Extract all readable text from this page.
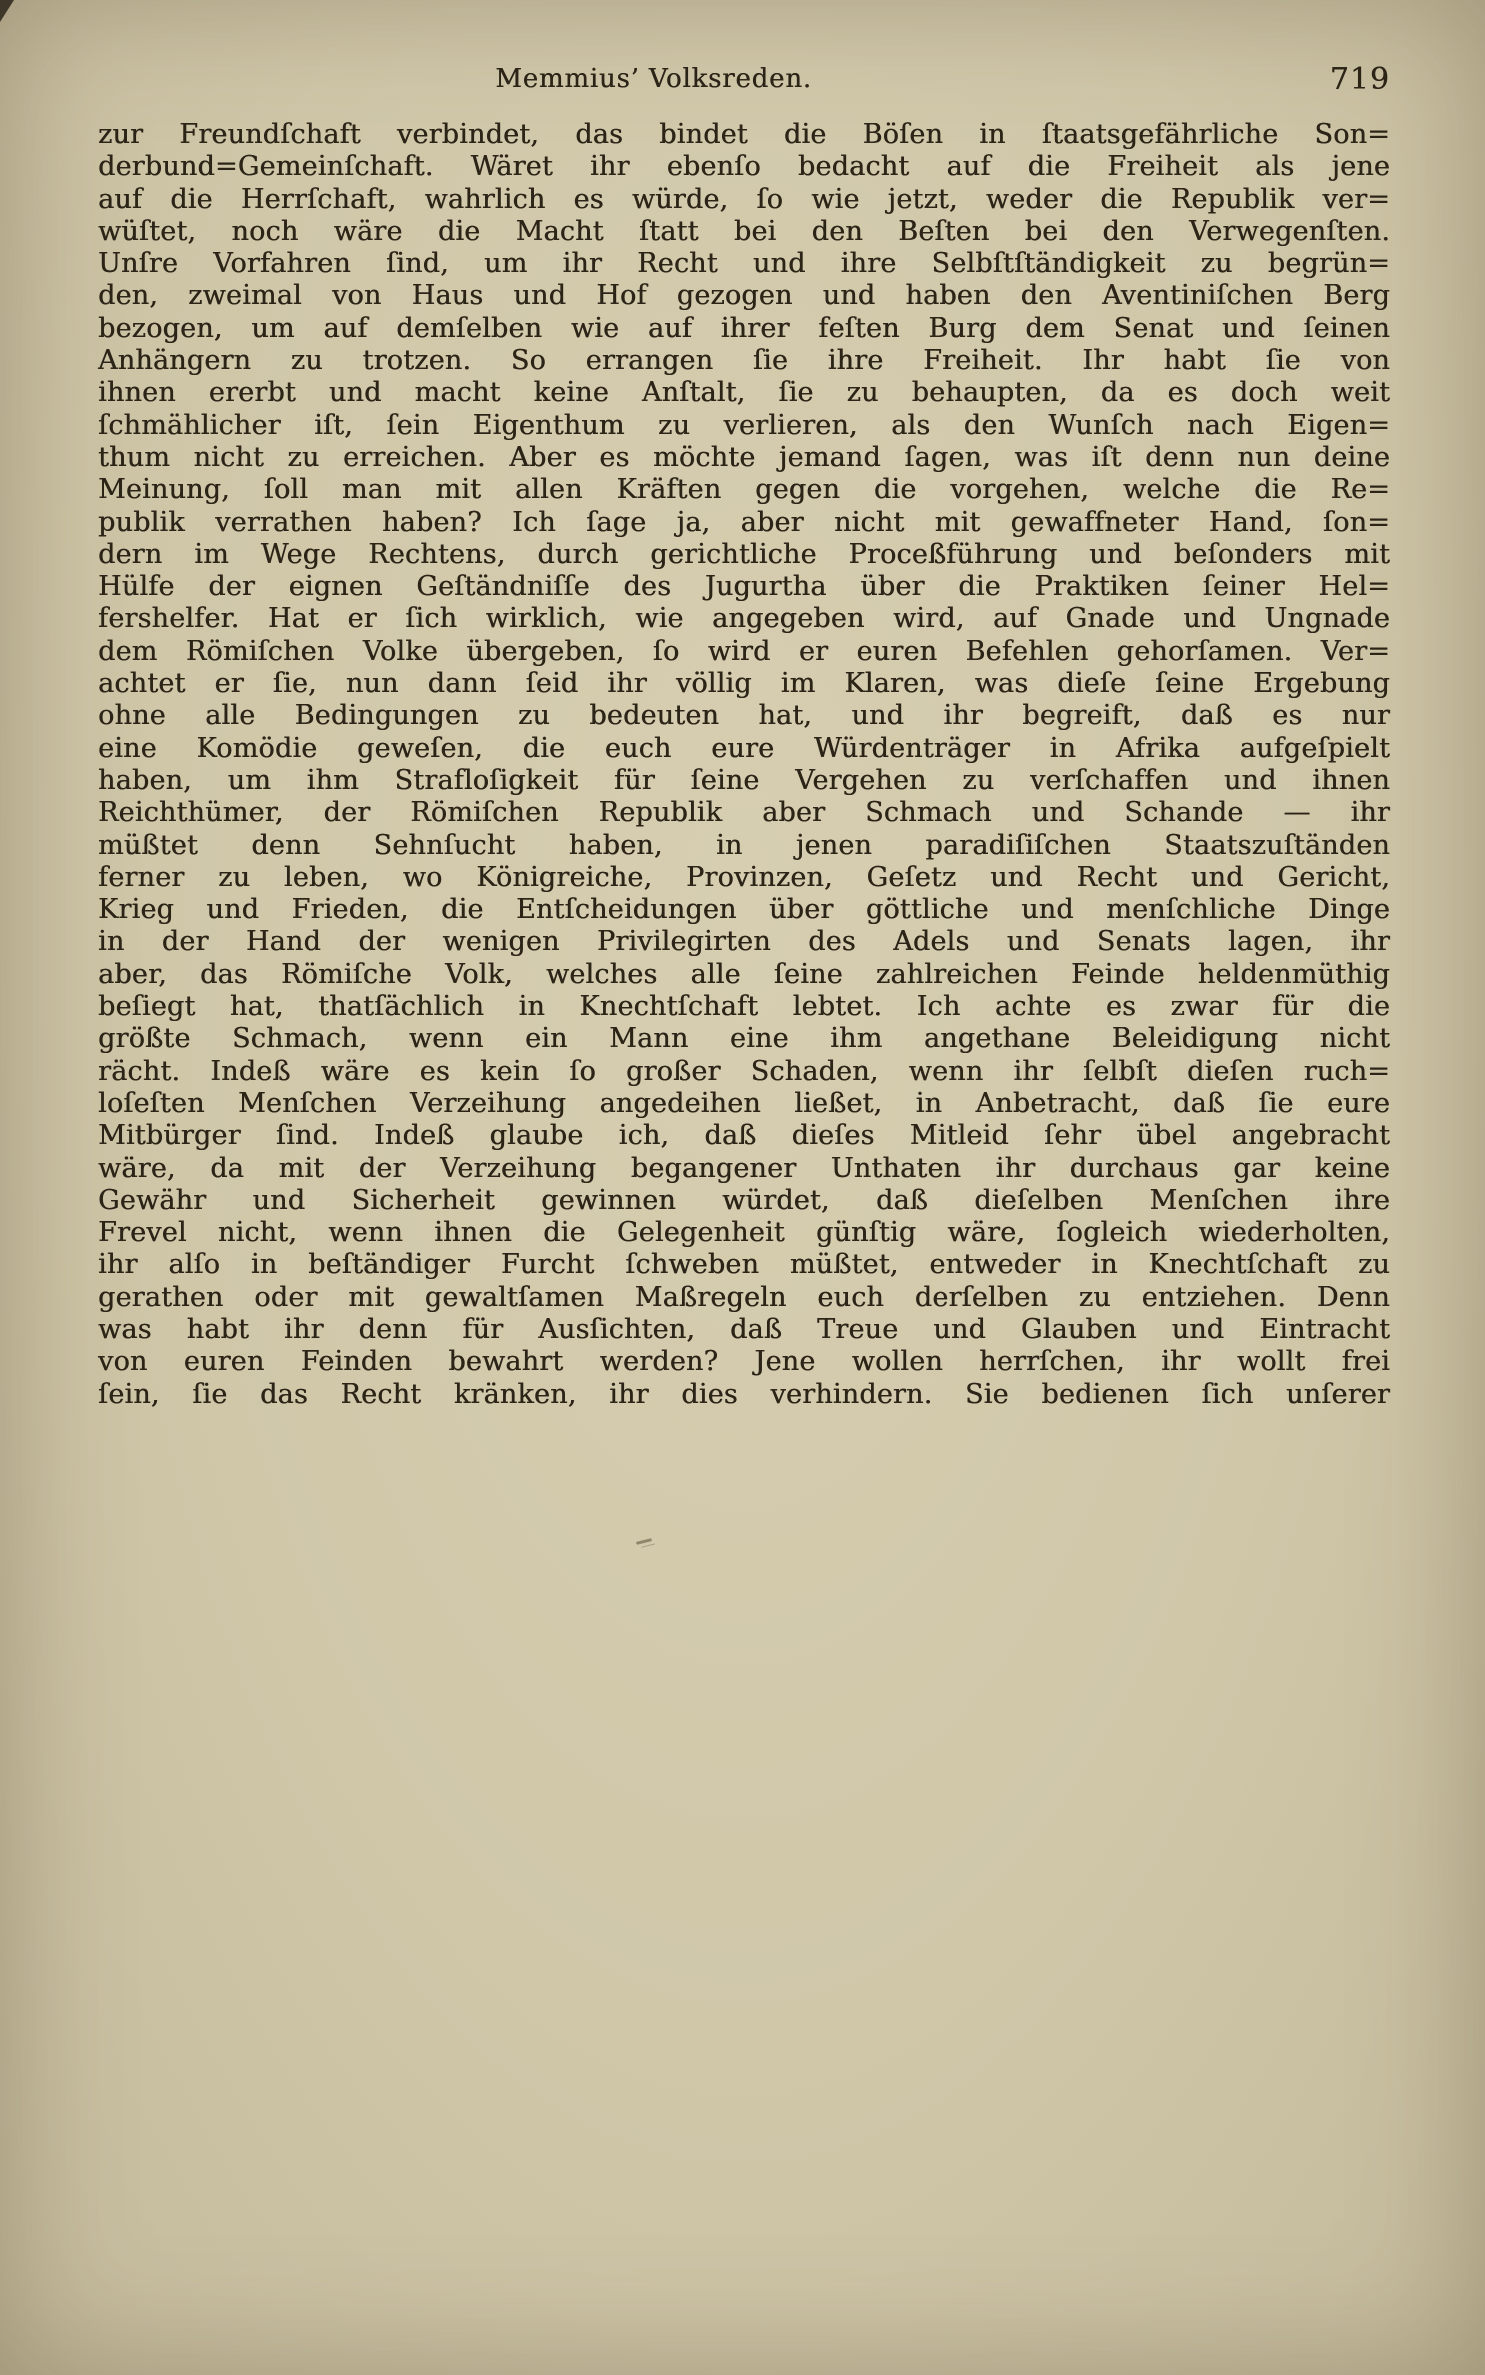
Memmius’ Volksreden.	719
zur Freundſchaft verbindet, das bindet die Böſen in ſtaatsgefährliche Son=
derbund=Gemeinſchaft. Wäret ihr ebenſo bedacht auf die Freiheit als jene
auf die Herrſchaft, wahrlich es würde, ſo wie jetzt, weder die Republik ver=
wüſtet, noch wäre die Macht ſtatt bei den Beſten bei den Verwegenſten.
Unſre Vorfahren ſind, um ihr Recht und ihre Selbſtſtändigkeit zu begrün=
den, zweimal von Haus und Hof gezogen und haben den Aventiniſchen Berg
bezogen, um auf demſelben wie auf ihrer feſten Burg dem Senat und ſeinen
Anhängern zu trotzen. So errangen ſie ihre Freiheit. Ihr habt ſie von
ihnen ererbt und macht keine Anſtalt, ſie zu behaupten, da es doch weit
ſchmählicher iſt, ſein Eigenthum zu verlieren, als den Wunſch nach Eigen=
thum nicht zu erreichen. Aber es möchte jemand ſagen, was iſt denn nun deine
Meinung, ſoll man mit allen Kräften gegen die vorgehen, welche die Re=
publik verrathen haben? Ich ſage ja, aber nicht mit gewaffneter Hand, ſon=
dern im Wege Rechtens, durch gerichtliche Proceßführung und beſonders mit
Hülfe der eignen Geſtändniſſe des Jugurtha über die Praktiken ſeiner Hel=
fershelfer. Hat er ſich wirklich, wie angegeben wird, auf Gnade und Ungnade
dem Römiſchen Volke übergeben, ſo wird er euren Befehlen gehorſamen. Ver=
achtet er ſie, nun dann ſeid ihr völlig im Klaren, was dieſe ſeine Ergebung
ohne alle Bedingungen zu bedeuten hat, und ihr begreift, daß es nur
eine Komödie geweſen, die euch eure Würdenträger in Afrika aufgeſpielt
haben, um ihm Strafloſigkeit für ſeine Vergehen zu verſchaffen und ihnen
Reichthümer, der Römiſchen Republik aber Schmach und Schande — ihr
müßtet denn Sehnſucht haben, in jenen paradiſiſchen Staatszuſtänden
ferner zu leben, wo Königreiche, Provinzen, Geſetz und Recht und Gericht,
Krieg und Frieden, die Entſcheidungen über göttliche und menſchliche Dinge
in der Hand der wenigen Privilegirten des Adels und Senats lagen, ihr
aber, das Römiſche Volk, welches alle ſeine zahlreichen Feinde heldenmüthig
beſiegt hat, thatſächlich in Knechtſchaft lebtet. Ich achte es zwar für die
größte Schmach, wenn ein Mann eine ihm angethane Beleidigung nicht
rächt. Indeß wäre es kein ſo großer Schaden, wenn ihr ſelbſt dieſen ruch=
loſeſten Menſchen Verzeihung angedeihen ließet, in Anbetracht, daß ſie eure
Mitbürger ſind. Indeß glaube ich, daß dieſes Mitleid ſehr übel angebracht
wäre, da mit der Verzeihung begangener Unthaten ihr durchaus gar keine
Gewähr und Sicherheit gewinnen würdet, daß dieſelben Menſchen ihre
Frevel nicht, wenn ihnen die Gelegenheit günſtig wäre, ſogleich wiederholten,
ihr alſo in beſtändiger Furcht ſchweben müßtet, entweder in Knechtſchaft zu
gerathen oder mit gewaltſamen Maßregeln euch derſelben zu entziehen. Denn
was habt ihr denn für Ausſichten, daß Treue und Glauben und Eintracht
von euren Feinden bewahrt werden? Jene wollen herrſchen, ihr wollt frei
ſein, ſie das Recht kränken, ihr dies verhindern. Sie bedienen ſich unſerer
